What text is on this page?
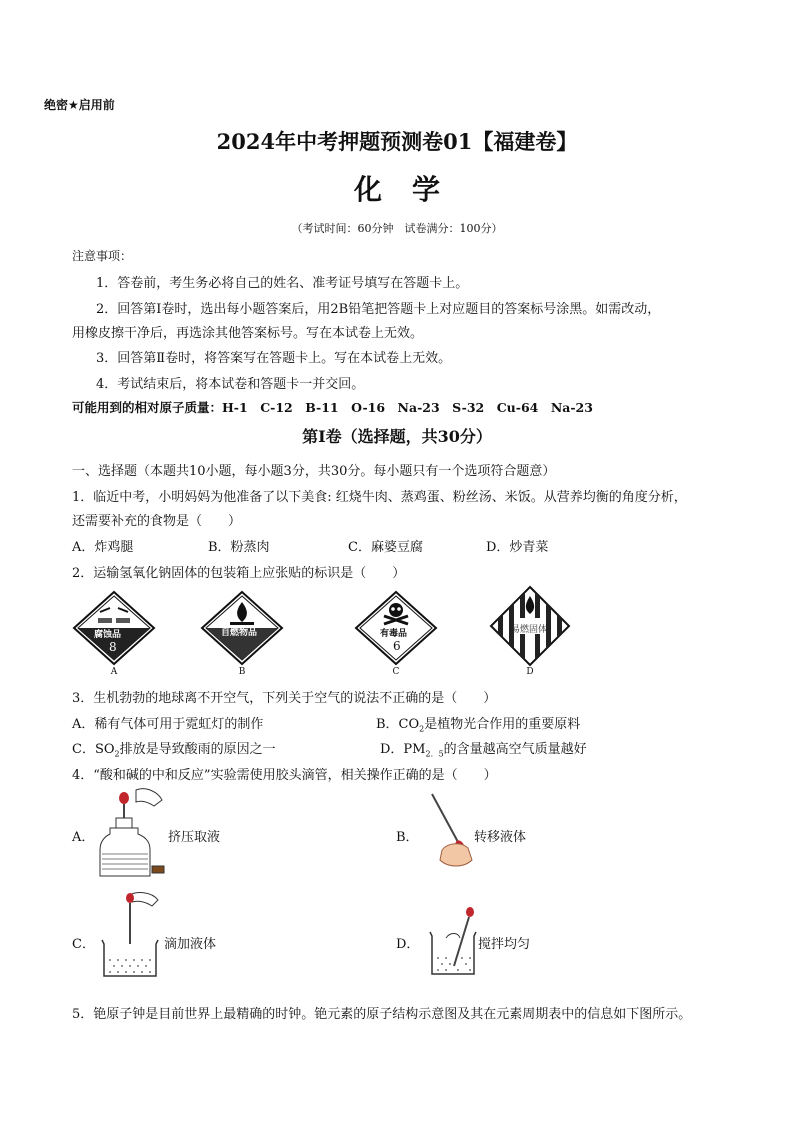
绝密★启用前
2024年中考押题预测卷01【福建卷】
化学
（考试时间：60分钟　试卷满分：100分）
注意事项：
1．答卷前，考生务必将自己的姓名、准考证号填写在答题卡上。
2．回答第Ⅰ卷时，选出每小题答案后，用2B铅笔把答题卡上对应题目的答案标号涂黑。如需改动，
用橡皮擦干净后，再选涂其他答案标号。写在本试卷上无效。
3．回答第Ⅱ卷时，将答案写在答题卡上。写在本试卷上无效。
4．考试结束后，将本试卷和答题卡一并交回。
可能用到的相对原子质量：H-1　C-12　B-11　O-16　Na-23　S-32　Cu-64　Na-23
第Ⅰ卷（选择题，共30分）
一、选择题（本题共10小题，每小题3分，共30分。每小题只有一个选项符合题意）
1．临近中考，小明妈妈为他准备了以下美食: 红烧牛肉、蒸鸡蛋、粉丝汤、米饭。从营养均衡的角度分析，
还需要补充的食物是（　　）
A．炸鸡腿	B．粉蒸肉	C．麻婆豆腐	D．炒青菜
2．运输氢氧化钠固体的包装箱上应张贴的标识是（　　）
腐蚀品
8
A
自燃物品
B
有毒品
6
C
易燃固体
D
3．生机勃勃的地球离不开空气，下列关于空气的说法不正确的是（　　）
A．稀有气体可用于霓虹灯的制作	B．$CO_2$是植物光合作用的重要原料
C．$SO_2$排放是导致酸雨的原因之一	D．$PM_{2.5}$的含量越高空气质量越好
4．“酸和碱的中和反应”实验需使用胶头滴管，相关操作正确的是（　　）
A．	挤压取液	B．	转移液体
C．	滴加液体	D．	搅拌均匀
5．铯原子钟是目前世界上最精确的时钟。铯元素的原子结构示意图及其在元素周期表中的信息如下图所示。
